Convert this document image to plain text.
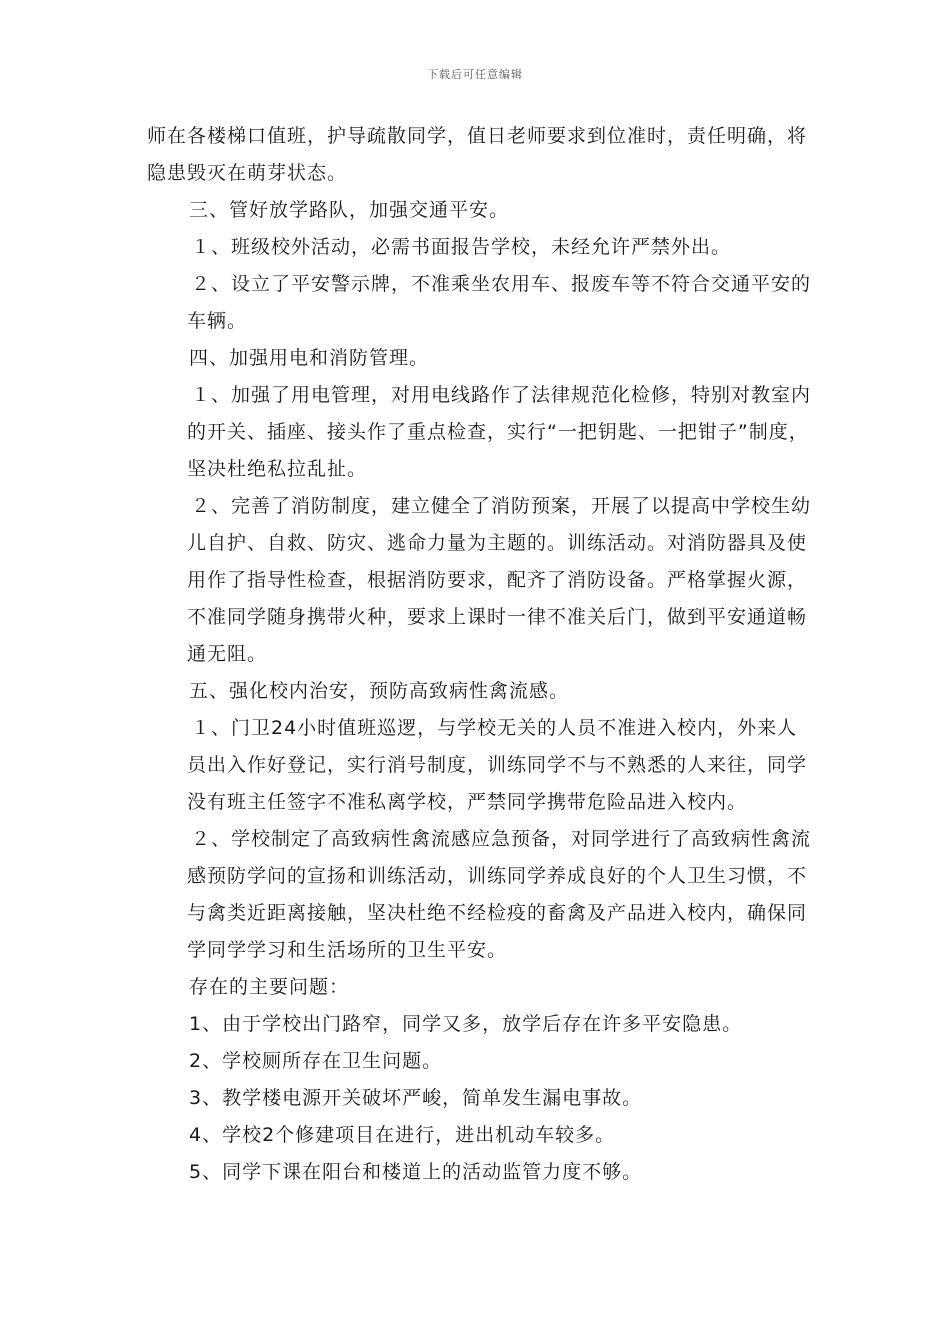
下载后可任意编辑

师在各楼梯口值班，护导疏散同学，值日老师要求到位准时，责任明确，将隐患毁灭在萌芽状态。

三、管好放学路队，加强交通平安。

１、班级校外活动，必需书面报告学校，未经允许严禁外出。

２、设立了平安警示牌，不准乘坐农用车、报废车等不符合交通平安的车辆。

四、加强用电和消防管理。

１、加强了用电管理，对用电线路作了法律规范化检修，特别对教室内的开关、插座、接头作了重点检查，实行“一把钥匙、一把钳子”制度，坚决杜绝私拉乱扯。

２、完善了消防制度，建立健全了消防预案，开展了以提高中学校生幼儿自护、自救、防灾、逃命力量为主题的。训练活动。对消防器具及使用作了指导性检查，根据消防要求，配齐了消防设备。严格掌握火源，不准同学随身携带火种，要求上课时一律不准关后门，做到平安通道畅通无阻。

五、强化校内治安，预防高致病性禽流感。

１、门卫24小时值班巡逻，与学校无关的人员不准进入校内，外来人员出入作好登记，实行消号制度，训练同学不与不熟悉的人来往，同学没有班主任签字不准私离学校，严禁同学携带危险品进入校内。

２、学校制定了高致病性禽流感应急预备，对同学进行了高致病性禽流感预防学问的宣扬和训练活动，训练同学养成良好的个人卫生习惯，不与禽类近距离接触，坚决杜绝不经检疫的畜禽及产品进入校内，确保同学同学学习和生活场所的卫生平安。

存在的主要问题：

1、由于学校出门路窄，同学又多，放学后存在许多平安隐患。

2、学校厕所存在卫生问题。

3、教学楼电源开关破坏严峻，简单发生漏电事故。

4、学校2个修建项目在进行，进出机动车较多。

5、同学下课在阳台和楼道上的活动监管力度不够。
